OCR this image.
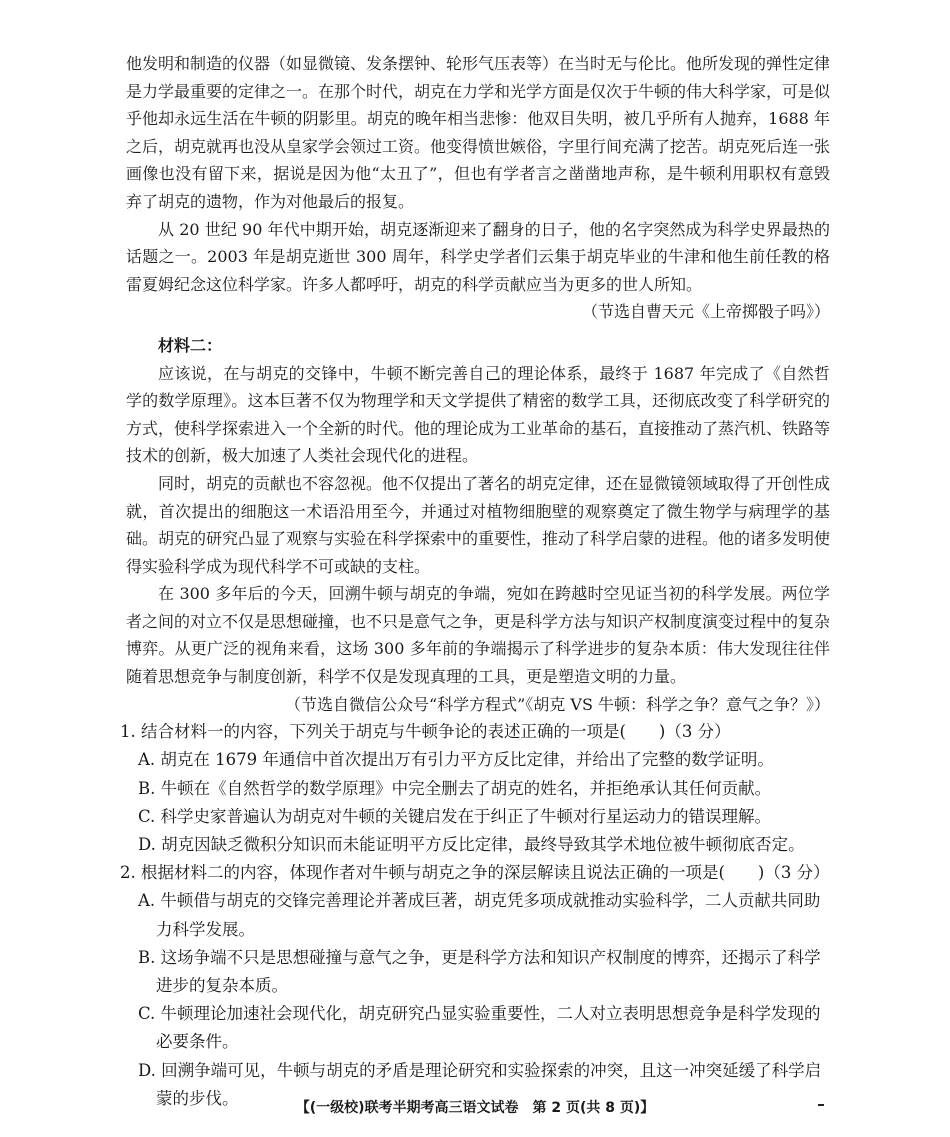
他发明和制造的仪器（如显微镜、发条摆钟、轮形气压表等）在当时无与伦比。他所发现的弹性定律是力学最重要的定律之一。在那个时代，胡克在力学和光学方面是仅次于牛顿的伟大科学家，可是似乎他却永远生活在牛顿的阴影里。胡克的晚年相当悲惨：他双目失明，被几乎所有人抛弃，1688 年之后，胡克就再也没从皇家学会领过工资。他变得愤世嫉俗，字里行间充满了挖苦。胡克死后连一张画像也没有留下来，据说是因为他“太丑了”，但也有学者言之凿凿地声称，是牛顿利用职权有意毁弃了胡克的遗物，作为对他最后的报复。

从 20 世纪 90 年代中期开始，胡克逐渐迎来了翻身的日子，他的名字突然成为科学史界最热的话题之一。2003 年是胡克逝世 300 周年，科学史学者们云集于胡克毕业的牛津和他生前任教的格雷夏姆纪念这位科学家。许多人都呼吁，胡克的科学贡献应当为更多的世人所知。

（节选自曹天元《上帝掷骰子吗》）

材料二：

应该说，在与胡克的交锋中，牛顿不断完善自己的理论体系，最终于 1687 年完成了《自然哲学的数学原理》。这本巨著不仅为物理学和天文学提供了精密的数学工具，还彻底改变了科学研究的方式，使科学探索进入一个全新的时代。他的理论成为工业革命的基石，直接推动了蒸汽机、铁路等技术的创新，极大加速了人类社会现代化的进程。

同时，胡克的贡献也不容忽视。他不仅提出了著名的胡克定律，还在显微镜领域取得了开创性成就，首次提出的细胞这一术语沿用至今，并通过对植物细胞壁的观察奠定了微生物学与病理学的基础。胡克的研究凸显了观察与实验在科学探索中的重要性，推动了科学启蒙的进程。他的诸多发明使得实验科学成为现代科学不可或缺的支柱。

在 300 多年后的今天，回溯牛顿与胡克的争端，宛如在跨越时空见证当初的科学发展。两位学者之间的对立不仅是思想碰撞，也不只是意气之争，更是科学方法与知识产权制度演变过程中的复杂博弈。从更广泛的视角来看，这场 300 多年前的争端揭示了科学进步的复杂本质：伟大发现往往伴随着思想竞争与制度创新，科学不仅是发现真理的工具，更是塑造文明的力量。

（节选自微信公众号“科学方程式”《胡克 VS 牛顿：科学之争？意气之争？》）

1. 结合材料一的内容，下列关于胡克与牛顿争论的表述正确的一项是(　　)（3 分）

A. 胡克在 1679 年通信中首次提出万有引力平方反比定律，并给出了完整的数学证明。

B. 牛顿在《自然哲学的数学原理》中完全删去了胡克的姓名，并拒绝承认其任何贡献。

C. 科学史家普遍认为胡克对牛顿的关键启发在于纠正了牛顿对行星运动力的错误理解。

D. 胡克因缺乏微积分知识而未能证明平方反比定律，最终导致其学术地位被牛顿彻底否定。

2. 根据材料二的内容，体现作者对牛顿与胡克之争的深层解读且说法正确的一项是(　　)（3 分）

A. 牛顿借与胡克的交锋完善理论并著成巨著，胡克凭多项成就推动实验科学，二人贡献共同助力科学发展。

B. 这场争端不只是思想碰撞与意气之争，更是科学方法和知识产权制度的博弈，还揭示了科学进步的复杂本质。

C. 牛顿理论加速社会现代化，胡克研究凸显实验重要性，二人对立表明思想竞争是科学发现的必要条件。

D. 回溯争端可见，牛顿与胡克的矛盾是理论研究和实验探索的冲突，且这一冲突延缓了科学启蒙的步伐。

【(一级校)联考半期考高三语文试卷　第 2 页(共 8 页)】
